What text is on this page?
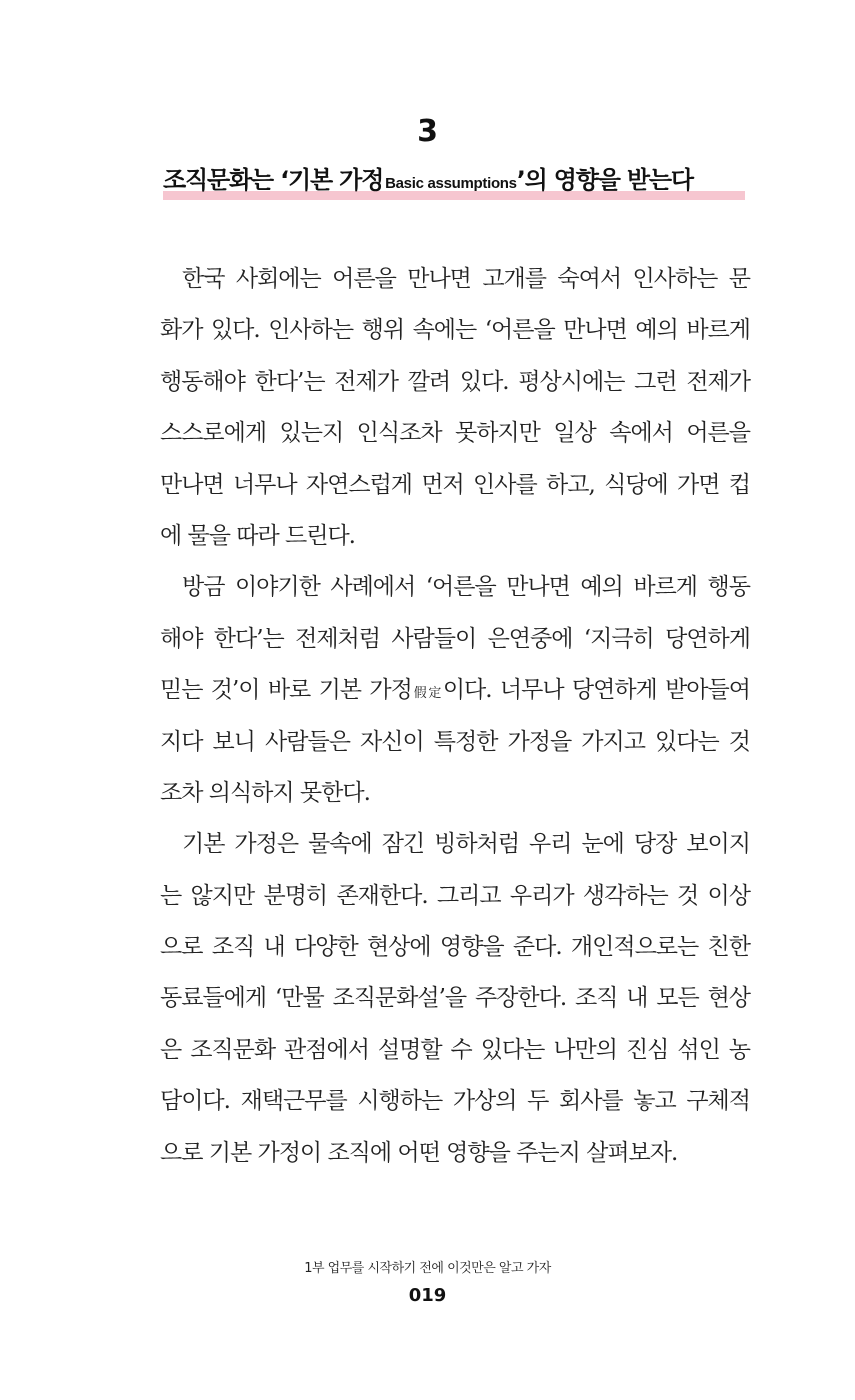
3
조직문화는 ‘기본 가정 Basic assumptions’의 영향을 받는다
한국 사회에는 어른을 만나면 고개를 숙여서 인사하는 문
화가 있다. 인사하는 행위 속에는 ‘어른을 만나면 예의 바르게
행동해야 한다’는 전제가 깔려 있다. 평상시에는 그런 전제가
스스로에게 있는지 인식조차 못하지만 일상 속에서 어른을
만나면 너무나 자연스럽게 먼저 인사를 하고, 식당에 가면 컵
에 물을 따라 드린다.
방금 이야기한 사례에서 ‘어른을 만나면 예의 바르게 행동
해야 한다’는 전제처럼 사람들이 은연중에 ‘지극히 당연하게
믿는 것’이 바로 기본 가정假定이다. 너무나 당연하게 받아들여
지다 보니 사람들은 자신이 특정한 가정을 가지고 있다는 것
조차 의식하지 못한다.
기본 가정은 물속에 잠긴 빙하처럼 우리 눈에 당장 보이지
는 않지만 분명히 존재한다. 그리고 우리가 생각하는 것 이상
으로 조직 내 다양한 현상에 영향을 준다. 개인적으로는 친한
동료들에게 ‘만물 조직문화설’을 주장한다. 조직 내 모든 현상
은 조직문화 관점에서 설명할 수 있다는 나만의 진심 섞인 농
담이다. 재택근무를 시행하는 가상의 두 회사를 놓고 구체적
으로 기본 가정이 조직에 어떤 영향을 주는지 살펴보자.
1부 업무를 시작하기 전에 이것만은 알고 가자
019
